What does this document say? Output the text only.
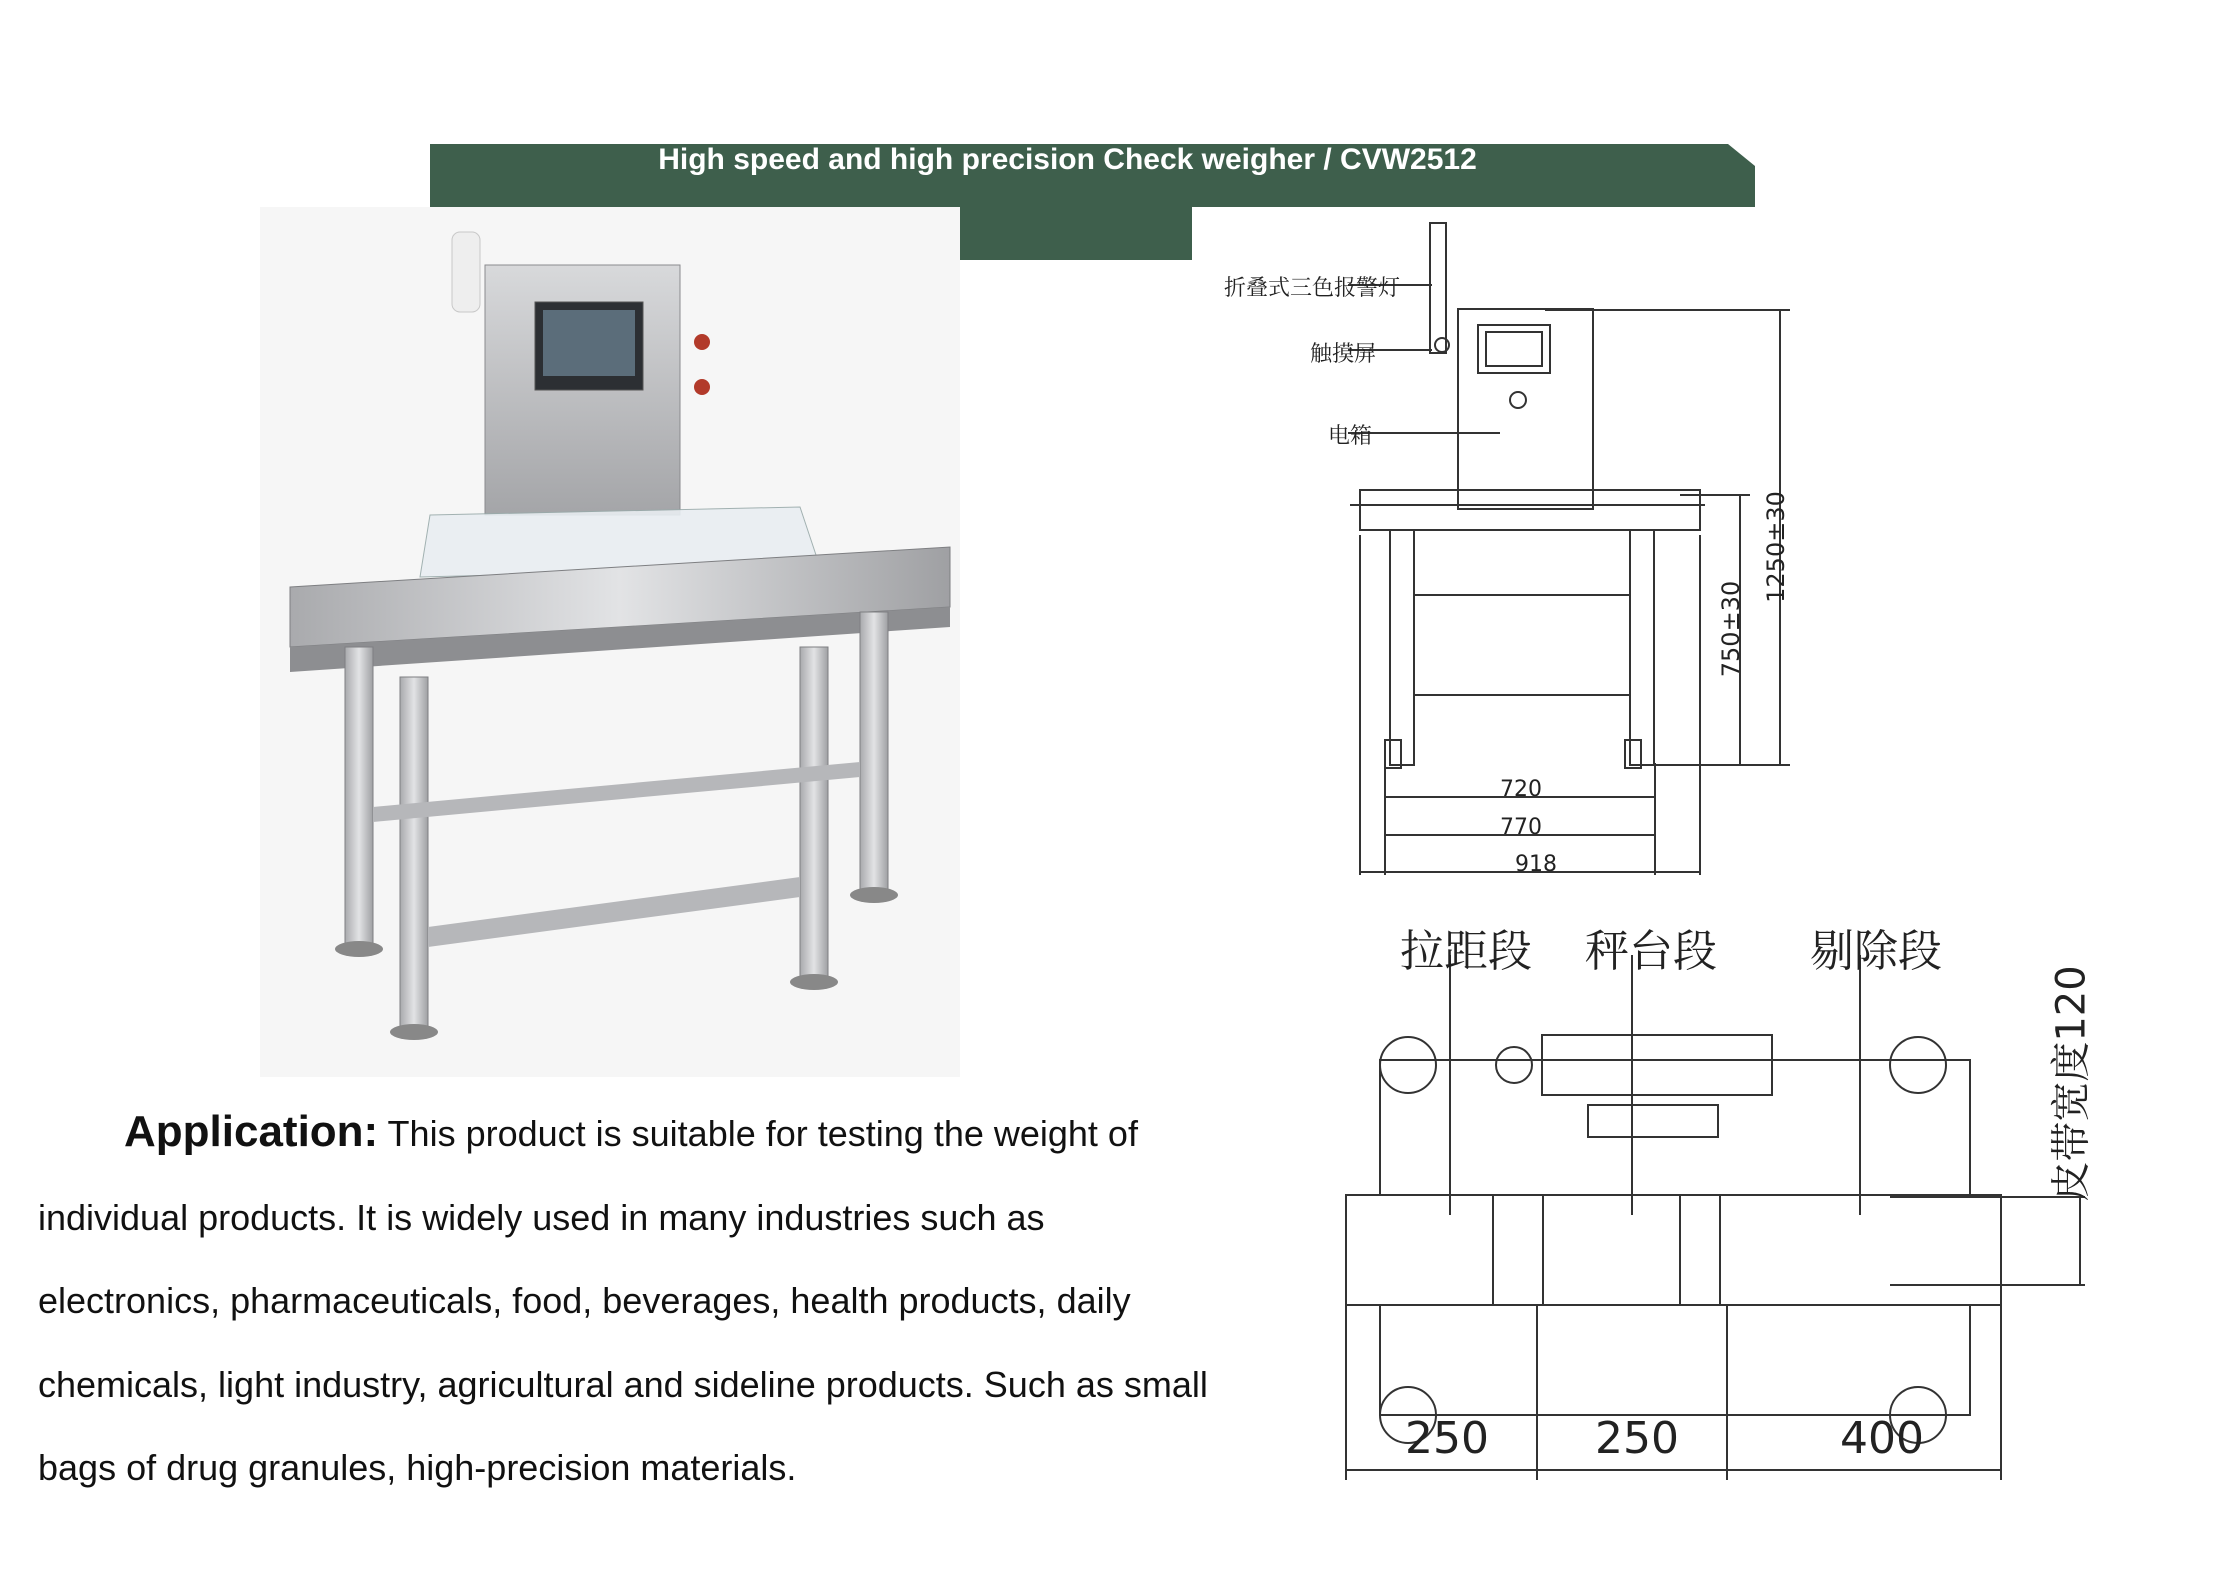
High speed and high precision Check weigher / CVW2512
折叠式三色报警灯
触摸屏
电箱
1250±30
750±30
720
770
918
拉距段 秤台段 剔除段
皮带宽度120
250 250	400
Application: This product is suitable for testing the weight of
individual products. It is widely used in many industries such as
electronics, pharmaceuticals, food, beverages, health products, daily
chemicals, light industry, agricultural and sideline products. Such as small
bags of drug granules, high-precision materials.
